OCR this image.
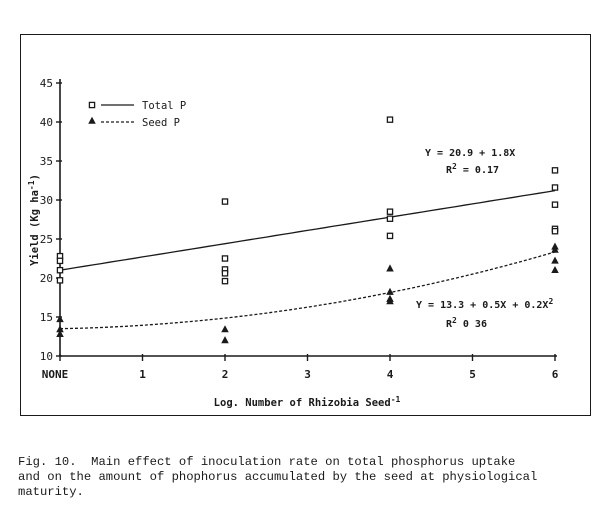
10
15
20
25
30
35
40
45
NONE	1	2	3	4	5	6
Total P
Seed P
Y = 20.9 + 1.8X
R2 = 0.17
Y = 13.3 + 0.5X + 0.2X2
R2 0 36
Log. Number of Rhizobia Seed-1
Yield (Kg ha-1)
Fig. 10.  Main effect of inoculation rate on total phosphorus uptake
and on the amount of phophorus accumulated by the seed at physiological
maturity.
